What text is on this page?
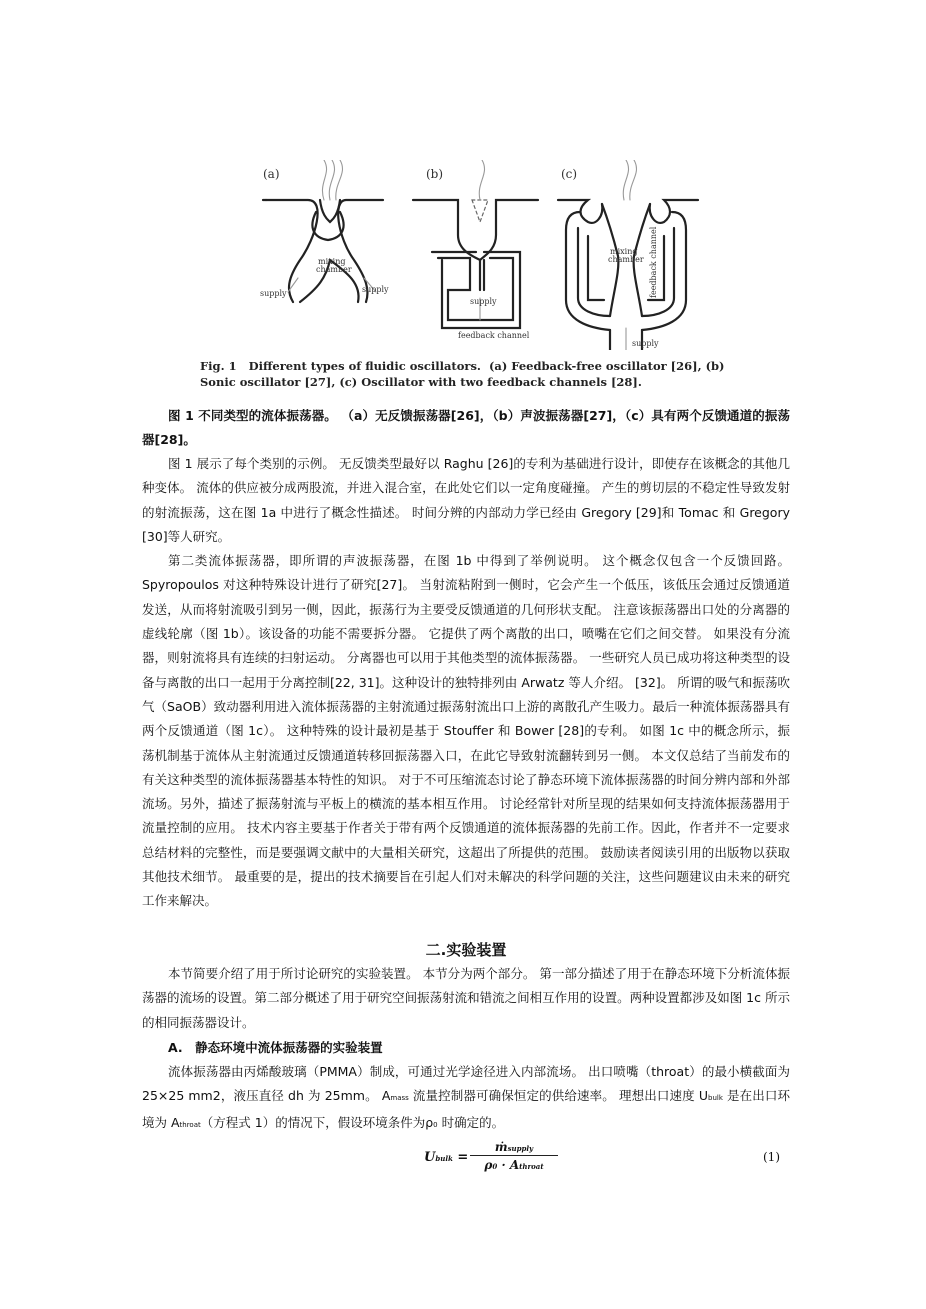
(a)	(b)	(c)
mixing
chamber
supply	supply
supply
feedback channel
mixing
chamber
supply
feedback channel
Fig. 1 Different types of fluidic oscillators. (a) Feedback-free oscillator [26], (b) Sonic oscillator [27], (c) Oscillator with two feedback channels [28].

图 1 不同类型的流体振荡器。 （a）无反馈振荡器[26]，（b）声波振荡器[27]，（c）具有两个反馈通道的振荡器[28]。

图 1 展示了每个类别的示例。 无反馈类型最好以 Raghu [26]的专利为基础进行设计，即使存在该概念的其他几种变体。 流体的供应被分成两股流，并进入混合室，在此处它们以一定角度碰撞。 产生的剪切层的不稳定性导致发射的射流振荡，这在图 1a 中进行了概念性描述。 时间分辨的内部动力学已经由 Gregory [29]和 Tomac 和 Gregory [30]等人研究。

第二类流体振荡器，即所谓的声波振荡器，在图 1b 中得到了举例说明。 这个概念仅包含一个反馈回路。 Spyropoulos 对这种特殊设计进行了研究[27]。 当射流粘附到一侧时，它会产生一个低压，该低压会通过反馈通道发送，从而将射流吸引到另一侧，因此，振荡行为主要受反馈通道的几何形状支配。 注意该振荡器出口处的分离器的虚线轮廓（图 1b）。该设备的功能不需要拆分器。 它提供了两个离散的出口，喷嘴在它们之间交替。 如果没有分流器，则射流将具有连续的扫射运动。 分离器也可以用于其他类型的流体振荡器。 一些研究人员已成功将这种类型的设备与离散的出口一起用于分离控制[22, 31]。这种设计的独特排列由 Arwatz 等人介绍。 [32]。 所谓的吸气和振荡吹气（SaOB）致动器利用进入流体振荡器的主射流通过振荡射流出口上游的离散孔产生吸力。最后一种流体振荡器具有两个反馈通道（图 1c）。 这种特殊的设计最初是基于 Stouffer 和 Bower [28]的专利。 如图 1c 中的概念所示，振荡机制基于流体从主射流通过反馈通道转移回振荡器入口，在此它导致射流翻转到另一侧。 本文仅总结了当前发布的有关这种类型的流体振荡器基本特性的知识。 对于不可压缩流态讨论了静态环境下流体振荡器的时间分辨内部和外部流场。另外，描述了振荡射流与平板上的横流的基本相互作用。 讨论经常针对所呈现的结果如何支持流体振荡器用于流量控制的应用。 技术内容主要基于作者关于带有两个反馈通道的流体振荡器的先前工作。因此，作者并不一定要求总结材料的完整性，而是要强调文献中的大量相关研究，这超出了所提供的范围。 鼓励读者阅读引用的出版物以获取其他技术细节。 最重要的是，提出的技术摘要旨在引起人们对未解决的科学问题的关注，这些问题建议由未来的研究工作来解决。

二.实验装置

本节简要介绍了用于所讨论研究的实验装置。 本节分为两个部分。 第一部分描述了用于在静态环境下分析流体振荡器的流场的设置。第二部分概述了用于研究空间振荡射流和错流之间相互作用的设置。两种设置都涉及如图 1c 所示的相同振荡器设计。

A.　静态环境中流体振荡器的实验装置

流体振荡器由丙烯酸玻璃（PMMA）制成，可通过光学途径进入内部流场。 出口喷嘴（throat）的最小横截面为 25×25 mm2，液压直径 dh 为 25mm。 Amass 流量控制器可确保恒定的供给速率。 理想出口速度 Ubulk 是在出口环境为 Athroat（方程式 1）的情况下，假设环境条件为ρ0 时确定的。

Ubulk =
ṁsupply
ρ0 · Athroat
(1)
